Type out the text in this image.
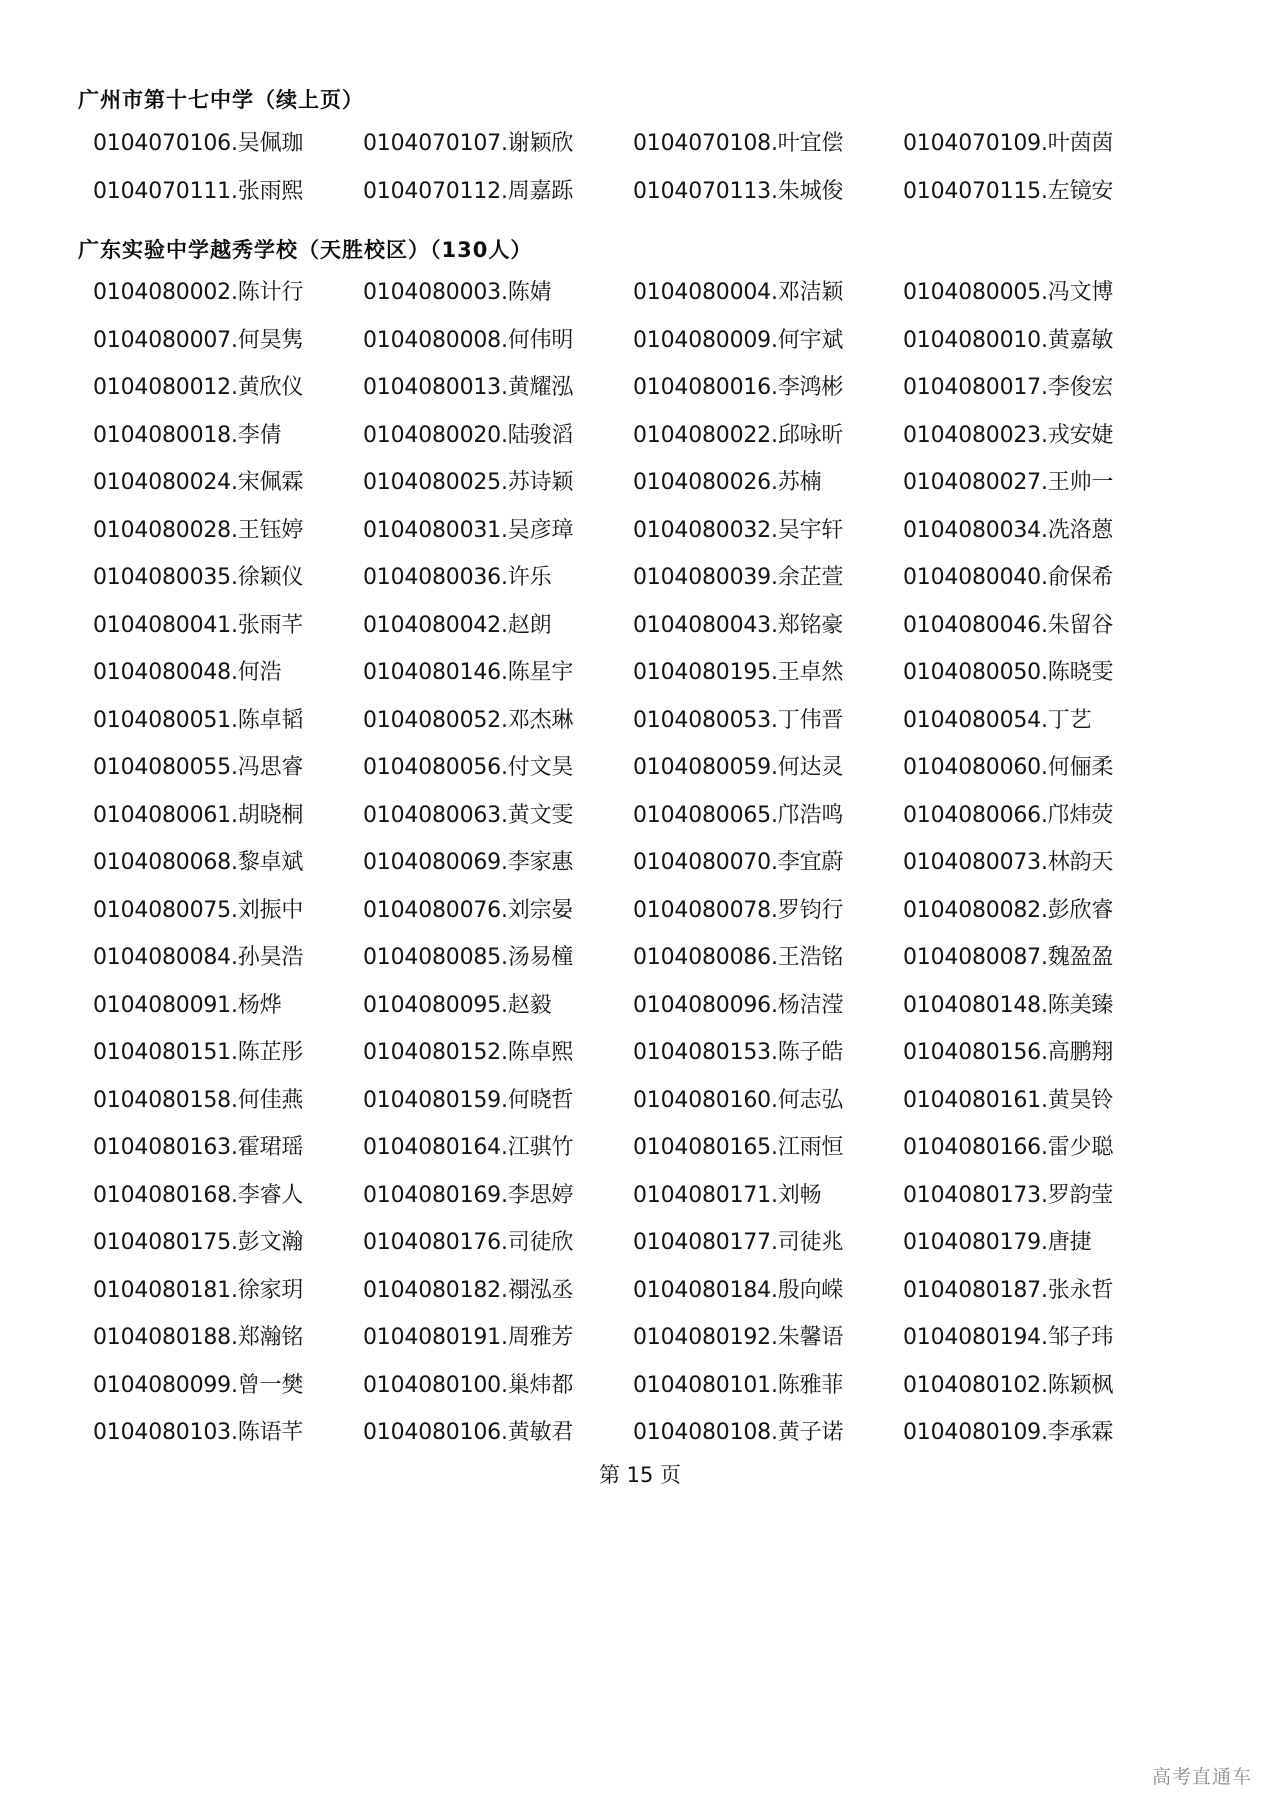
广州市第十七中学（续上页）
0104070106.吴佩珈	0104070107.谢颖欣	0104070108.叶宜偿	0104070109.叶茵茵
0104070111.张雨熙	0104070112.周嘉跞	0104070113.朱城俊	0104070115.左镜安
广东实验中学越秀学校（天胜校区）（130人）
0104080002.陈计行	0104080003.陈婧	0104080004.邓洁颖	0104080005.冯文博
0104080007.何昊隽	0104080008.何伟明	0104080009.何宇斌	0104080010.黄嘉敏
0104080012.黄欣仪	0104080013.黄耀泓	0104080016.李鸿彬	0104080017.李俊宏
0104080018.李倩	0104080020.陆骏滔	0104080022.邱咏昕	0104080023.戎安婕
0104080024.宋佩霖	0104080025.苏诗颖	0104080026.苏楠	0104080027.王帅一
0104080028.王钰婷	0104080031.吴彦璋	0104080032.吴宇轩	0104080034.冼洛蒽
0104080035.徐颖仪	0104080036.许乐	0104080039.余芷萱	0104080040.俞保希
0104080041.张雨芊	0104080042.赵朗	0104080043.郑铭豪	0104080046.朱留谷
0104080048.何浩	0104080146.陈星宇	0104080195.王卓然	0104080050.陈晓雯
0104080051.陈卓韬	0104080052.邓杰琳	0104080053.丁伟晋	0104080054.丁艺
0104080055.冯思睿	0104080056.付文昊	0104080059.何达灵	0104080060.何俪柔
0104080061.胡晓桐	0104080063.黄文雯	0104080065.邝浩鸣	0104080066.邝炜荧
0104080068.黎卓斌	0104080069.李家惠	0104080070.李宜蔚	0104080073.林韵天
0104080075.刘振中	0104080076.刘宗晏	0104080078.罗钧行	0104080082.彭欣睿
0104080084.孙昊浩	0104080085.汤易橦	0104080086.王浩铭	0104080087.魏盈盈
0104080091.杨烨	0104080095.赵毅	0104080096.杨洁滢	0104080148.陈美臻
0104080151.陈芷彤	0104080152.陈卓熙	0104080153.陈子皓	0104080156.高鹏翔
0104080158.何佳燕	0104080159.何晓哲	0104080160.何志弘	0104080161.黄昊铃
0104080163.霍珺瑶	0104080164.江骐竹	0104080165.江雨恒	0104080166.雷少聪
0104080168.李睿人	0104080169.李思婷	0104080171.刘畅	0104080173.罗韵莹
0104080175.彭文瀚	0104080176.司徒欣	0104080177.司徒兆	0104080179.唐捷
0104080181.徐家玥	0104080182.禤泓丞	0104080184.殷向嵘	0104080187.张永哲
0104080188.郑瀚铭	0104080191.周雅芳	0104080192.朱馨语	0104080194.邹子玮
0104080099.曾一樊	0104080100.巢炜都	0104080101.陈雅菲	0104080102.陈颖枫
0104080103.陈语芊	0104080106.黄敏君	0104080108.黄子诺	0104080109.李承霖
第 15 页
高考直通车
